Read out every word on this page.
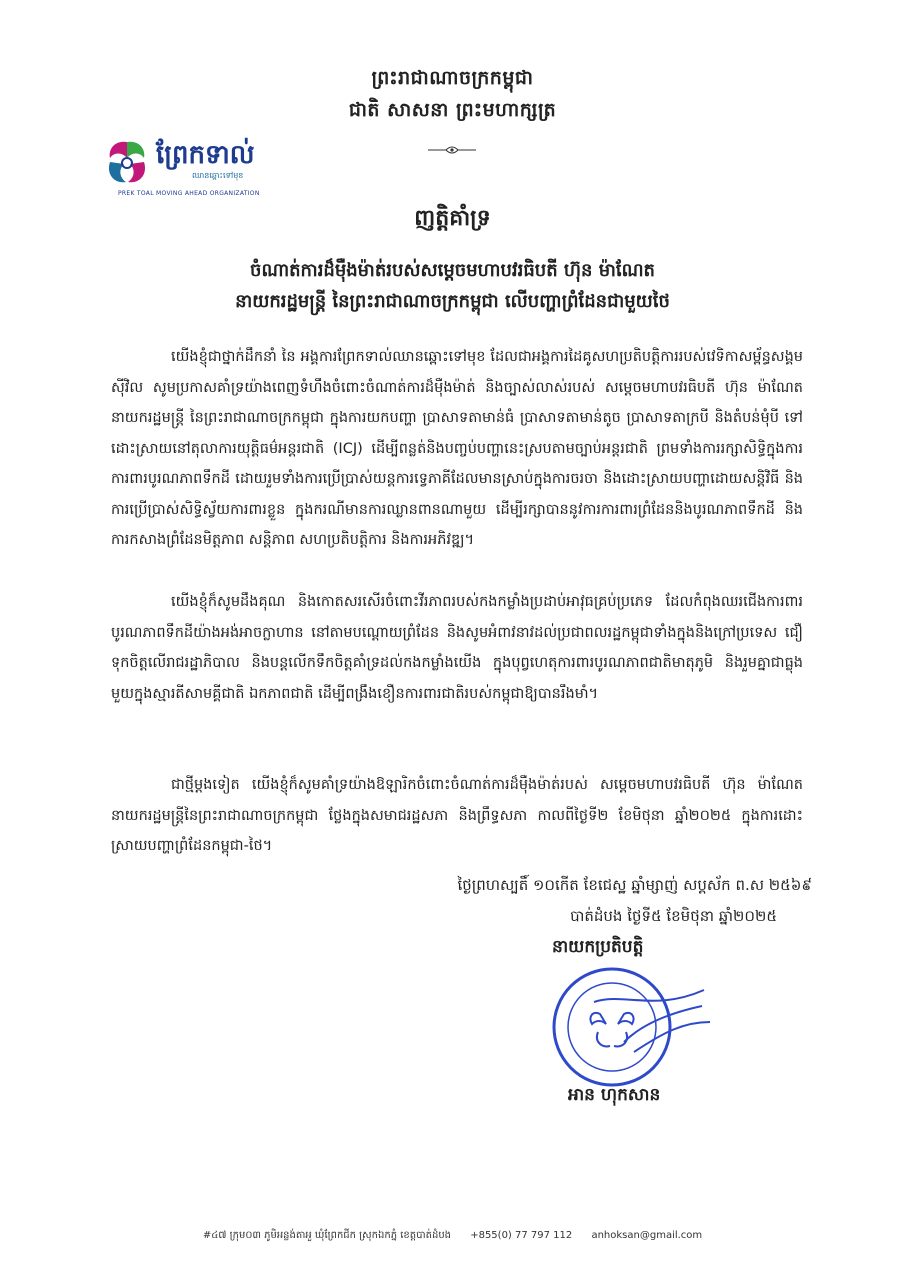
ព្រះរាជាណាចក្រកម្ពុជា
ជាតិ សាសនា ព្រះមហាក្សត្រ
ព្រែកទាល់
ឈានឆ្ពោះទៅមុខ
PREK TOAL MOVING AHEAD ORGANIZATION
ញត្តិគាំទ្រ
ចំណាត់ការដ៏ម៉ឺងម៉ាត់របស់សម្តេចមហាបវរធិបតី ហ៊ុន ម៉ាណែត
នាយករដ្ឋមន្ត្រី នៃព្រះរាជាណាចក្រកម្ពុជា លើបញ្ហាព្រំដែនជាមួយថៃ

យើងខ្ញុំជាថ្នាក់ដឹកនាំ នៃ អង្គការព្រែកទាល់ឈានឆ្ពោះទៅមុខ ដែលជាអង្គការដៃគូសហប្រតិបត្តិការរបស់វេទិកាសម្ព័ន្ធសង្គមស៊ីវិល សូមប្រកាសគាំទ្រយ៉ាងពេញទំហឹងចំពោះចំណាត់ការដ៏ម៉ឺងម៉ាត់ និងច្បាស់លាស់របស់ សម្តេចមហាបវរធិបតី ហ៊ុន ម៉ាណែត នាយករដ្ឋមន្ត្រី នៃព្រះរាជាណាចក្រកម្ពុជា ក្នុងការយកបញ្ហា ប្រាសាទតាមាន់ធំ ប្រាសាទតាមាន់តូច ប្រាសាទតាក្របី និងតំបន់មុំបី ទៅដោះស្រាយនៅតុលាការយុត្តិធម៌អន្តរជាតិ (ICJ) ដើម្បីពន្លត់និងបញ្ចប់បញ្ហានេះស្របតាមច្បាប់អន្តរជាតិ ព្រមទាំងការរក្សាសិទ្ធិក្នុងការការពារបូរណភាពទឹកដី ដោយរួមទាំងការប្រើប្រាស់យន្តការទ្វេភាគីដែលមានស្រាប់ក្នុងការចរចា និងដោះស្រាយបញ្ហាដោយសន្តិវិធី និងការប្រើប្រាស់សិទ្ធិស្វ័យការពារខ្លួន ក្នុងករណីមានការឈ្លានពានណាមួយ ដើម្បីរក្សាបាននូវការការពារព្រំដែននិងបូរណភាពទឹកដី និងការកសាងព្រំដែនមិត្តភាព សន្តិភាព សហប្រតិបត្តិការ និងការអភិវឌ្ឍ។

យើងខ្ញុំក៏សូមដឹងគុណ និងកោតសរសើរចំពោះវីរភាពរបស់កងកម្លាំងប្រដាប់អាវុធគ្រប់ប្រភេទ ដែលកំពុងឈរជើងការពារបូរណភាពទឹកដីយ៉ាងអង់អាចក្លាហាន នៅតាមបណ្តោយព្រំដែន និងសូមអំពាវនាវដល់ប្រជាពលរដ្ឋកម្ពុជាទាំងក្នុងនិងក្រៅប្រទេស ជឿទុកចិត្តលើរាជរដ្ឋាភិបាល និងបន្តលើកទឹកចិត្តគាំទ្រដល់កងកម្លាំងយើង ក្នុងបុព្វហេតុការពារបូរណភាពជាតិមាតុភូមិ និងរួមគ្នាជាធ្លុងមួយក្នុងស្មារតីសាមគ្គីជាតិ ឯកភាពជាតិ ដើម្បីពង្រឹងខឿនការពារជាតិរបស់កម្ពុជាឱ្យបានរឹងមាំ។

ជាថ្មីម្តងទៀត យើងខ្ញុំក៏សូមគាំទ្រយ៉ាងឱឡារិកចំពោះចំណាត់ការដ៏ម៉ឺងម៉ាត់របស់ សម្តេចមហាបវរធិបតី ហ៊ុន ម៉ាណែត នាយករដ្ឋមន្ត្រីនៃព្រះរាជាណាចក្រកម្ពុជា ថ្លែងក្នុងសមាជរដ្ឋសភា និងព្រឹទ្ធសភា កាលពីថ្ងៃទី២ ខែមិថុនា ឆ្នាំ២០២៥ ក្នុងការដោះស្រាយបញ្ហាព្រំដែនកម្ពុជា-ថៃ។

ថ្ងៃព្រហស្បតិ៍ ១០កើត ខែជេស្ឋ ឆ្នាំម្សាញ់ សប្តស័ក ព.ស ២៥៦៩
បាត់ដំបង ថ្ងៃទី៥ ខែមិថុនា ឆ្នាំ២០២៥
នាយកប្រតិបត្តិ
អាន ហុកសាន
#៤៧ ក្រុម០៣ ភូមិអន្លង់តាអួ ឃុំព្រែកជីក ស្រុកឯកភ្នំ ខេត្តបាត់ដំបង +855(0) 77 797 112 anhoksan@gmail.com
